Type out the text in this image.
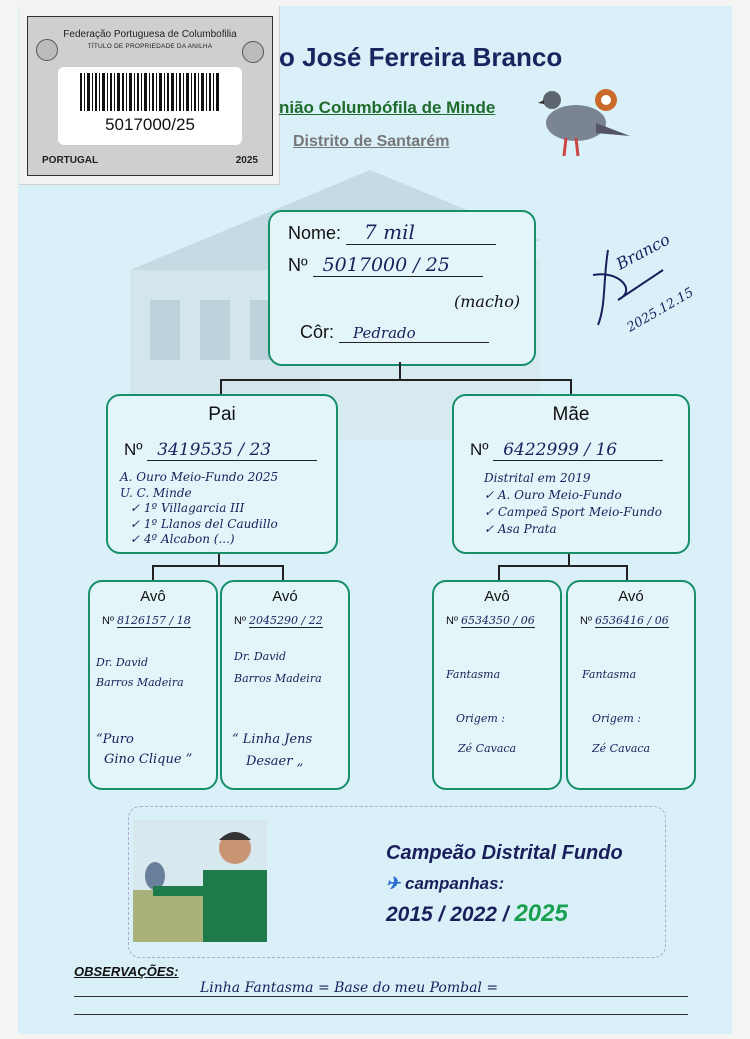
Federação Portuguesa de Columbofilia
TÍTULO DE PROPRIEDADE DA ANILHA
5017000/25
PORTUGAL	2025
o José Ferreira Branco
nião Columbófila de Minde
Distrito de Santarém
Branco
2025.12.15
Nome: 7 mil
Nº 5017000 / 25
(macho)
Côr: Pedrado
Pai
Nº 3419535 / 23
A. Ouro Meio-Fundo 2025
U. C. Minde
✓ 1º Villagarcia III
✓ 1º Llanos del Caudillo
✓ 4º Alcabon (...)
Mãe
Nº 6422999 / 16
Distrital em 2019
✓ A. Ouro Meio-Fundo
✓ Campeã Sport Meio-Fundo
✓ Asa Prata
Avô
Nº 8126157 / 18
Dr. David
Barros Madeira
“Puro
Gino Clique ”
Avó
Nº 2045290 / 22
Dr. David
Barros Madeira
“ Linha Jens
Desaer „
Avô
Nº 6534350 / 06
Fantasma
Origem :
Zé Cavaca
Avó
Nº 6536416 / 06
Fantasma
Origem :
Zé Cavaca
Campeão Distrital Fundo
✈ campanhas:
2015 / 2022 / 2025
OBSERVAÇÕES:
Linha Fantasma = Base do meu Pombal =
